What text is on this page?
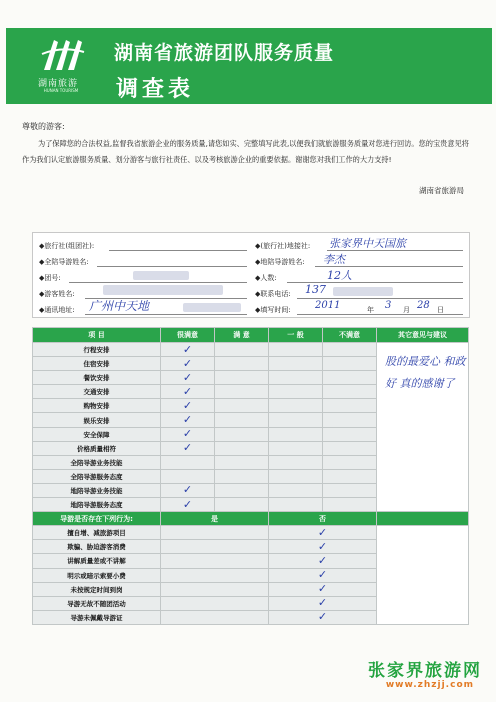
湖南旅游
HUNAN TOURISM
湖南省旅游团队服务质量
调查表
尊敬的游客:
为了保障您的合法权益,监督我省旅游企业的服务质量,请您如实、完整填写此表,以便我们就旅游服务质量对您进行回访。您的宝贵意见将作为我们认定旅游服务质量、划分游客与旅行社责任、以及考核旅游企业的重要依据。谢谢您对我们工作的大力支持!
湖南省旅游局
◆旅行社(组团社):	◆(旅行社)地接社: 张家界中天国旅
◆全陪导游姓名:	◆地陪导游姓名: 李杰
◆团号:	◆人数:	12人
◆游客姓名:	◆联系电话: 137
◆通讯地址: 广州中天地	◆填写时间: 2011	年 3 月 28 日
项 目	很满意	满 意	一 般	不满意	其它意见与建议
行程安排	✓				股的最爱心 和政好 真的感谢了

住宿安排	✓				
餐饮安排	✓				
交通安排	✓				
购物安排	✓				
娱乐安排	✓				
安全保障	✓				
价格质量相符	✓				
全陪导游业务技能					
全陪导游服务态度					
地陪导游业务技能	✓				
地陪导游服务态度	✓				
导游是否存在下列行为:	是		否		
擅自增、减旅游项目			✓		
欺骗、胁迫游客消费			✓		
讲解质量差或不讲解			✓		
明示或暗示索要小费			✓		
未按规定时间到岗			✓		
导游无故不随团活动			✓		
导游未佩戴导游证			✓		
张家界旅游网
www.zhzjj.com
